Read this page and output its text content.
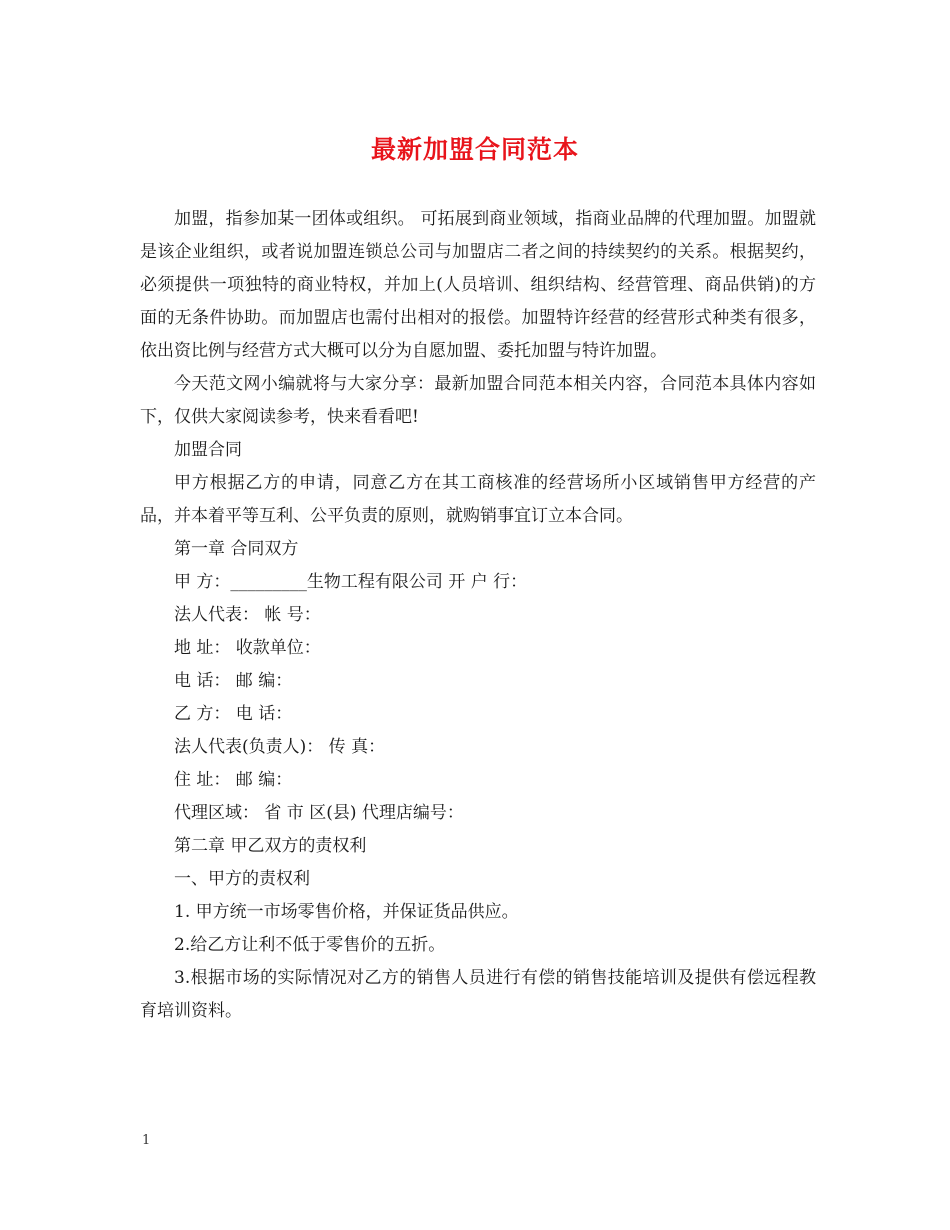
最新加盟合同范本

加盟，指参加某一团体或组织。 可拓展到商业领域，指商业品牌的代理加盟。加盟就是该企业组织，或者说加盟连锁总公司与加盟店二者之间的持续契约的关系。根据契约，必须提供一项独特的商业特权，并加上(人员培训、组织结构、经营管理、商品供销)的方面的无条件协助。而加盟店也需付出相对的报偿。加盟特许经营的经营形式种类有很多，依出资比例与经营方式大概可以分为自愿加盟、委托加盟与特许加盟。

今天范文网小编就将与大家分享：最新加盟合同范本相关内容，合同范本具体内容如下，仅供大家阅读参考，快来看看吧!

加盟合同

甲方根据乙方的申请，同意乙方在其工商核准的经营场所小区域销售甲方经营的产品，并本着平等互利、公平负责的原则，就购销事宜订立本合同。

第一章 合同双方

甲 方：_________生物工程有限公司 开 户 行：

法人代表： 帐 号：

地 址： 收款单位：

电 话： 邮 编：

乙 方： 电 话：

法人代表(负责人)： 传 真：

住 址： 邮 编：

代理区域： 省 市 区(县) 代理店编号：

第二章 甲乙双方的责权利

一、甲方的责权利

1. 甲方统一市场零售价格，并保证货品供应。

2.给乙方让利不低于零售价的五折。

3.根据市场的实际情况对乙方的销售人员进行有偿的销售技能培训及提供有偿远程教育培训资料。

1
